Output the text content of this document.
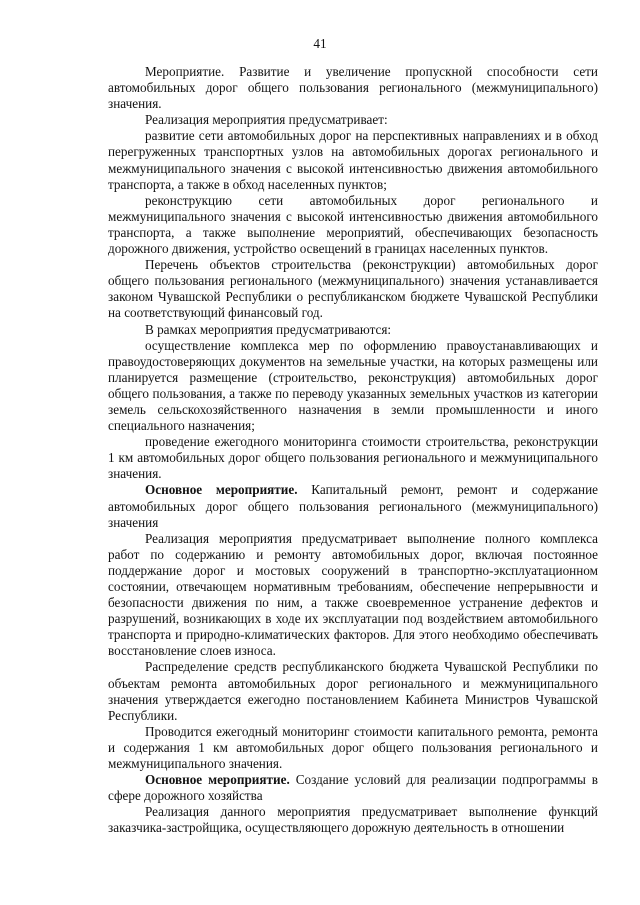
41

Мероприятие. Развитие и увеличение пропускной способности сети автомобильных дорог общего пользования регионального (межмуниципального) значения.

Реализация мероприятия предусматривает:

развитие сети автомобильных дорог на перспективных направлениях и в обход перегруженных транспортных узлов на автомобильных дорогах регионального и межмуниципального значения с высокой интенсивностью движения автомобильного транспорта, а также в обход населенных пунктов;

реконструкцию сети автомобильных дорог регионального и межмуниципального значения с высокой интенсивностью движения автомобильного транспорта, а также выполнение мероприятий, обеспечивающих безопасность дорожного движения, устройство освещений в границах населенных пунктов.

Перечень объектов строительства (реконструкции) автомобильных дорог общего пользования регионального (межмуниципального) значения устанавливается законом Чувашской Республики о республиканском бюджете Чувашской Республики на соответствующий финансовый год.

В рамках мероприятия предусматриваются:

осуществление комплекса мер по оформлению правоустанавливающих и правоудостоверяющих документов на земельные участки, на которых размещены или планируется размещение (строительство, реконструкция) автомобильных дорог общего пользования, а также по переводу указанных земельных участков из категории земель сельскохозяйственного назначения в земли промышленности и иного специального назначения;

проведение ежегодного мониторинга стоимости строительства, реконструкции 1 км автомобильных дорог общего пользования регионального и межмуниципального значения.

Основное мероприятие. Капитальный ремонт, ремонт и содержание автомобильных дорог общего пользования регионального (межмуниципального) значения

Реализация мероприятия предусматривает выполнение полного комплекса работ по содержанию и ремонту автомобильных дорог, включая постоянное поддержание дорог и мостовых сооружений в транспортно-эксплуатационном состоянии, отвечающем нормативным требованиям, обеспечение непрерывности и безопасности движения по ним, а также своевременное устранение дефектов и разрушений, возникающих в ходе их эксплуатации под воздействием автомобильного транспорта и природно-климатических факторов. Для этого необходимо обеспечивать восстановление слоев износа.

Распределение средств республиканского бюджета Чувашской Республики по объектам ремонта автомобильных дорог регионального и межмуниципального значения утверждается ежегодно постановлением Кабинета Министров Чувашской Республики.

Проводится ежегодный мониторинг стоимости капитального ремонта, ремонта и содержания 1 км автомобильных дорог общего пользования регионального и межмуниципального значения.

Основное мероприятие. Создание условий для реализации подпрограммы в сфере дорожного хозяйства

Реализация данного мероприятия предусматривает выполнение функций заказчика-застройщика, осуществляющего дорожную деятельность в отношении
